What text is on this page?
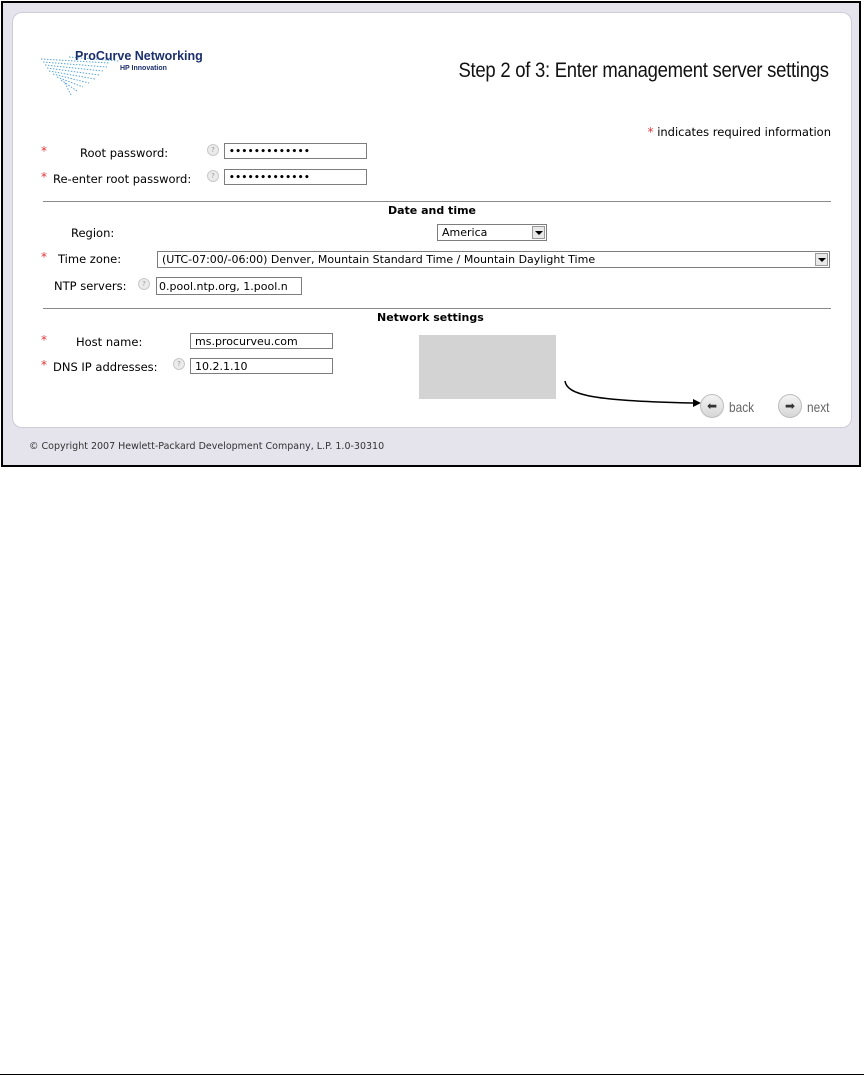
ProCurve Networking
HP Innovation	Step 2 of 3: Enter management server settings
* indicates required information
*	Root password:	?	•••••••••••••
* Re-enter root password:	?	•••••••••••••
Date and time
Region:	America
* Time zone:	(UTC-07:00/-06:00) Denver, Mountain Standard Time / Mountain Daylight Time
NTP servers:	?	0.pool.ntp.org, 1.pool.n
Network settings
*	Host name:	ms.procurveu.com
* DNS IP addresses:	?	10.2.1.10
⬅ back	➡ next
© Copyright 2007 Hewlett-Packard Development Company, L.P. 1.0-30310
